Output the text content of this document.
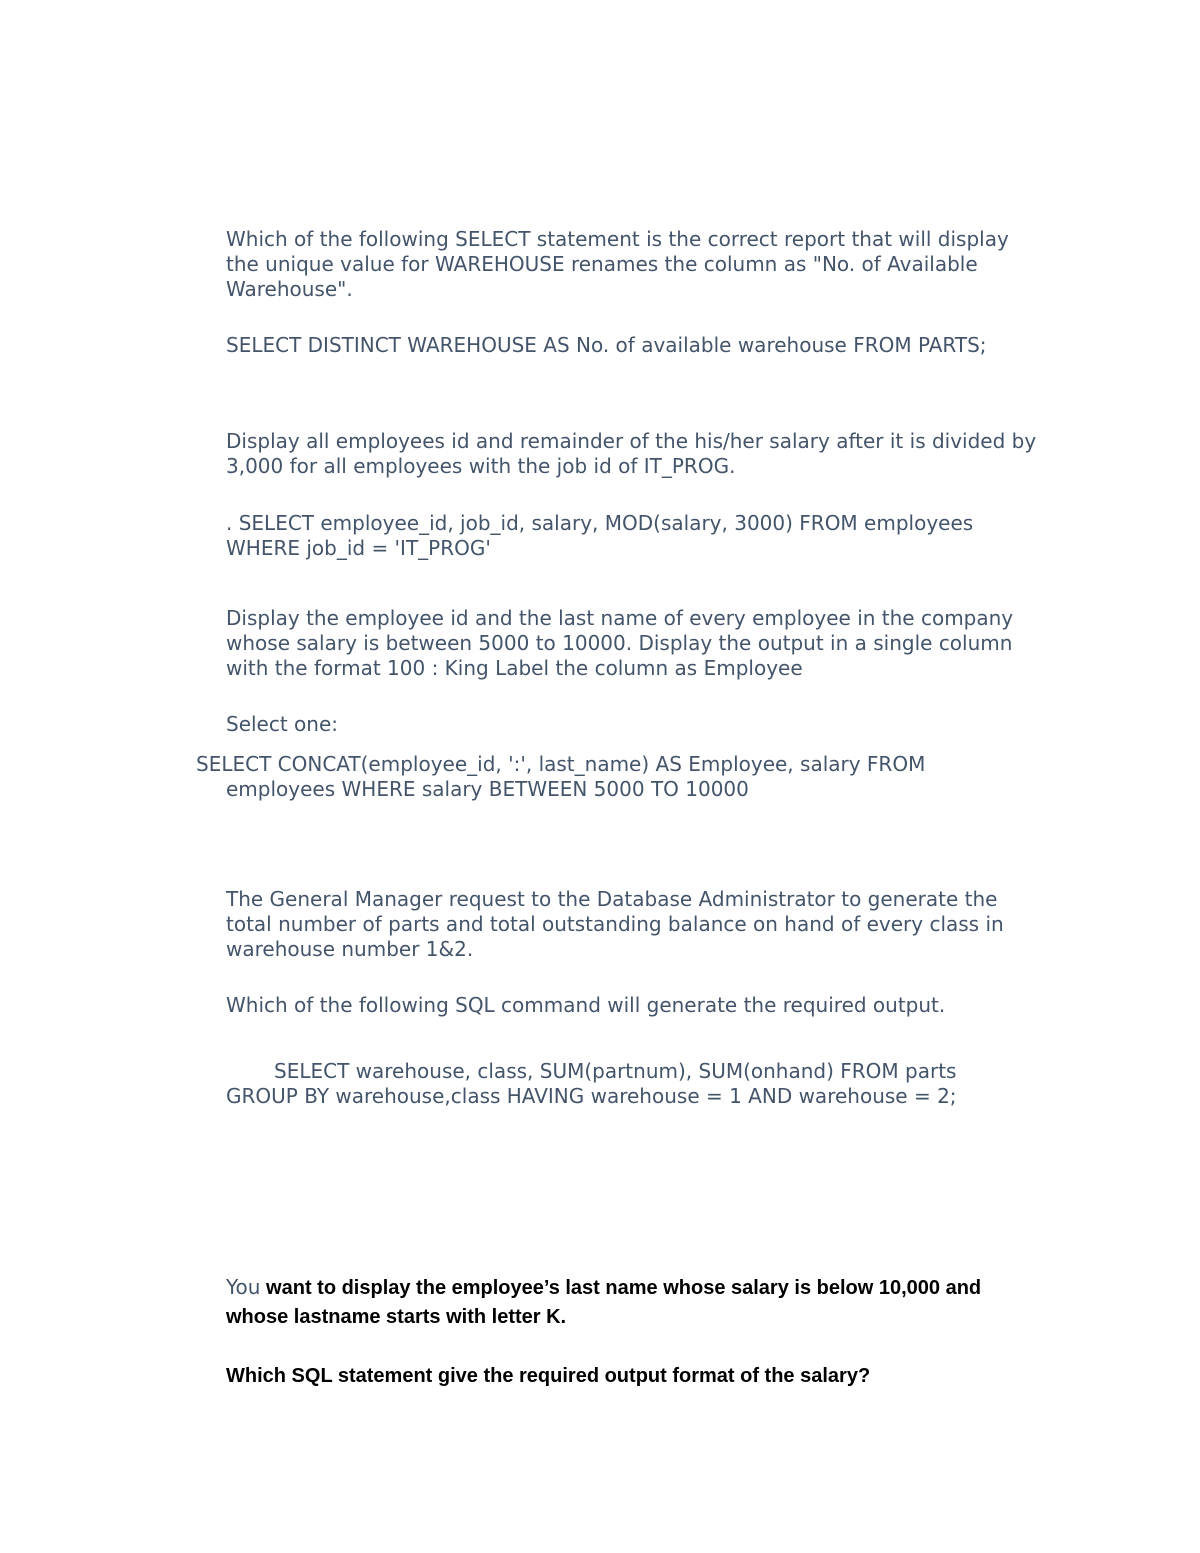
Which of the following SELECT statement is the correct report that will display the unique value for WAREHOUSE renames the column as "No. of Available Warehouse".

SELECT DISTINCT WAREHOUSE AS No. of available warehouse FROM PARTS;

Display all employees id and remainder of the his/her salary after it is divided by 3,000 for all employees with the job id of IT_PROG.

. SELECT employee_id, job_id, salary, MOD(salary, 3000) FROM employees WHERE job_id = 'IT_PROG'

Display the employee id and the last name of every employee in the company whose salary is between 5000 to 10000. Display the output in a single column with the format 100 : King Label the column as Employee

Select one:

SELECT CONCAT(employee_id, ':', last_name) AS Employee, salary FROM
employees WHERE salary BETWEEN 5000 TO 10000

The General Manager request to the Database Administrator to generate the total number of parts and total outstanding balance on hand of every class in warehouse number 1&2.

Which of the following SQL command will generate the required output.

SELECT warehouse, class, SUM(partnum), SUM(onhand) FROM parts
GROUP BY warehouse,class HAVING warehouse = 1 AND warehouse = 2;

You want to display the employee’s last name whose salary is below 10,000 and whose lastname starts with letter K.

Which SQL statement give the required output format of the salary?
